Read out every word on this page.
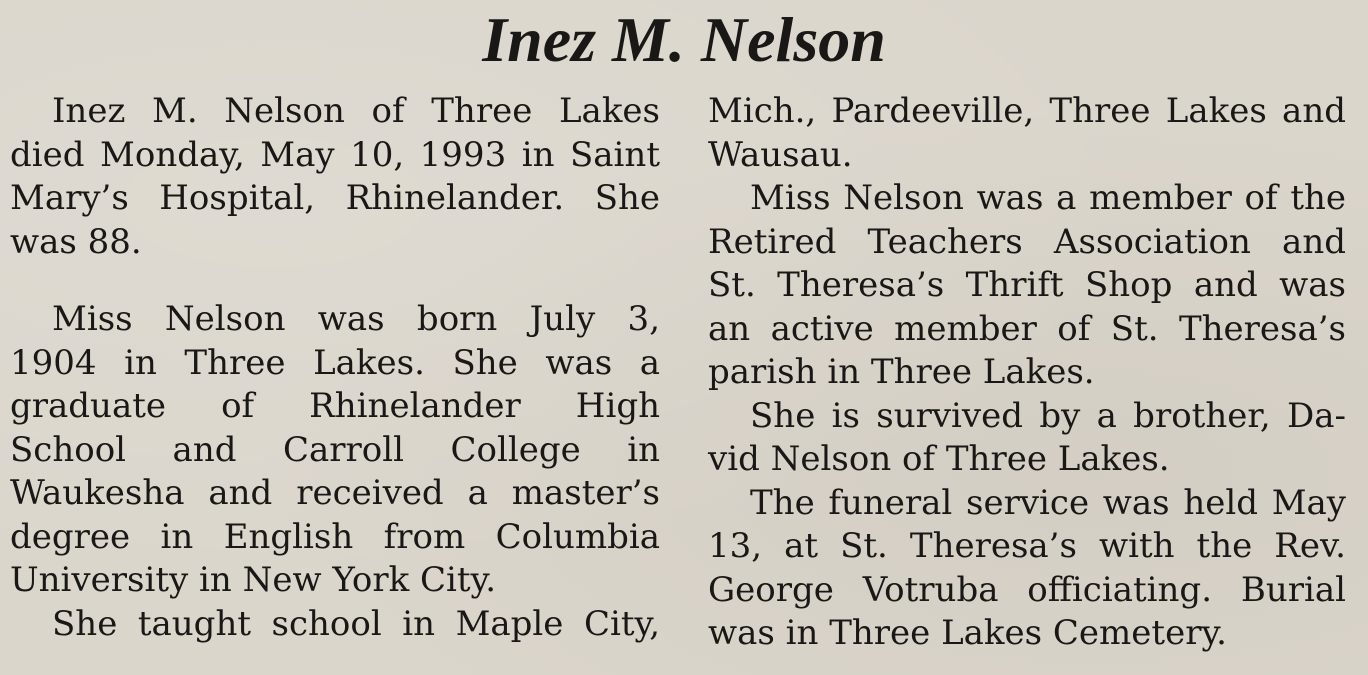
Inez M. Nelson
Inez M. Nelson of Three Lakes
died Monday, May 10, 1993 in Saint
Mary’s Hospital, Rhinelander. She
was 88.
Miss Nelson was born July 3,
1904 in Three Lakes. She was a
graduate of Rhinelander High
School and Carroll College in
Waukesha and received a master’s
degree in English from Columbia
University in New York City.
She taught school in Maple City,
Mich., Pardeeville, Three Lakes and
Wausau.
Miss Nelson was a member of the
Retired Teachers Association and
St. Theresa’s Thrift Shop and was
an active member of St. Theresa’s
parish in Three Lakes.
She is survived by a brother, Da-
vid Nelson of Three Lakes.
The funeral service was held May
13, at St. Theresa’s with the Rev.
George Votruba officiating. Burial
was in Three Lakes Cemetery.
